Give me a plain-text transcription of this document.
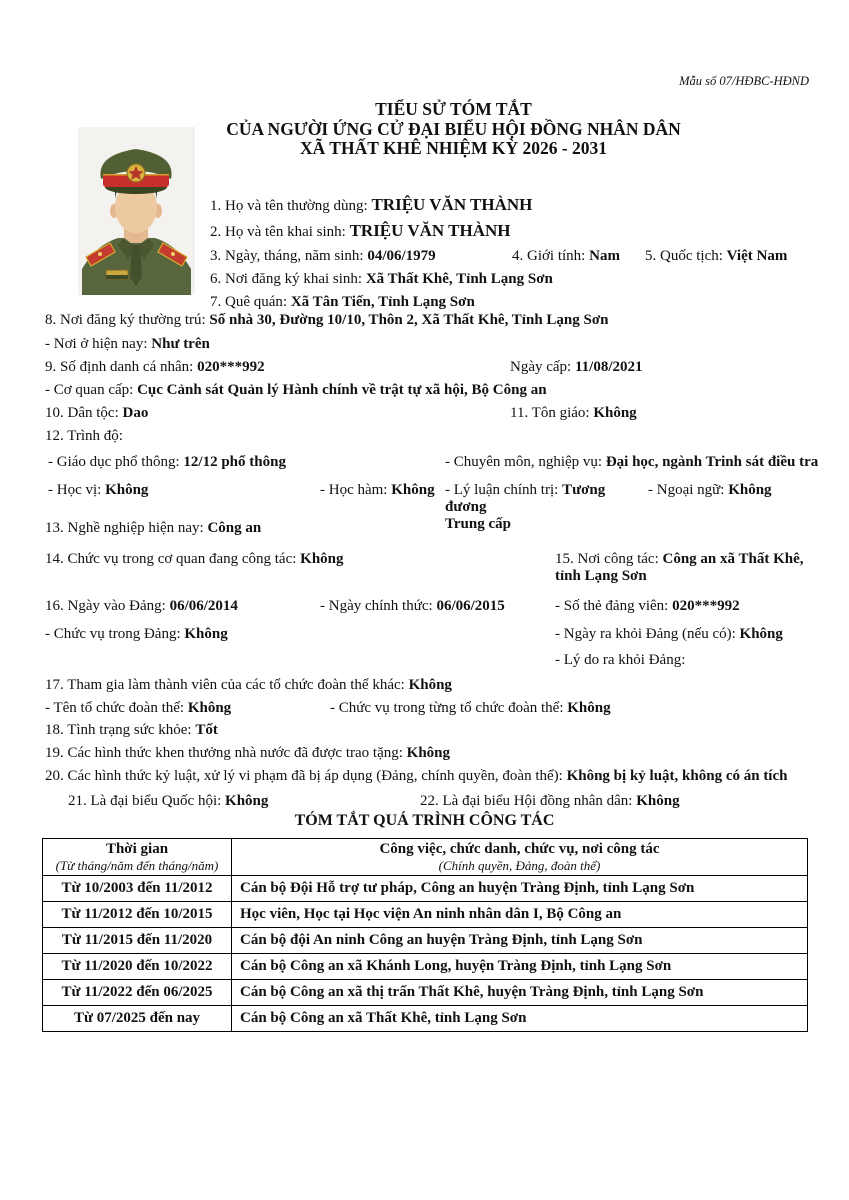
Mẫu số 07/HĐBC-HĐND
TIỂU SỬ TÓM TẮT
CỦA NGƯỜI ỨNG CỬ ĐẠI BIỂU HỘI ĐỒNG NHÂN DÂN
XÃ THẤT KHÊ NHIỆM KỲ 2026 - 2031
1. Họ và tên thường dùng: TRIỆU VĂN THÀNH
2. Họ và tên khai sinh: TRIỆU VĂN THÀNH
3. Ngày, tháng, năm sinh: 04/06/1979	4. Giới tính: Nam 5. Quốc tịch: Việt Nam
6. Nơi đăng ký khai sinh: Xã Thất Khê, Tỉnh Lạng Sơn
7. Quê quán: Xã Tân Tiến, Tỉnh Lạng Sơn
8. Nơi đăng ký thường trú: Số nhà 30, Đường 10/10, Thôn 2, Xã Thất Khê, Tỉnh Lạng Sơn
- Nơi ở hiện nay: Như trên
9. Số định danh cá nhân: 020***992	Ngày cấp: 11/08/2021
- Cơ quan cấp: Cục Cảnh sát Quản lý Hành chính về trật tự xã hội, Bộ Công an
10. Dân tộc: Dao	11. Tôn giáo: Không
12. Trình độ:
- Giáo dục phổ thông: 12/12 phổ thông	- Chuyên môn, nghiệp vụ: Đại học, ngành Trinh sát điều tra
- Học vị: Không	- Học hàm: Không - Lý luận chính trị: Tương đương
Trung cấp
- Ngoại ngữ: Không
13. Nghề nghiệp hiện nay: Công an
14. Chức vụ trong cơ quan đang công tác: Không	15. Nơi công tác: Công an xã Thất Khê, tỉnh Lạng Sơn
16. Ngày vào Đảng: 06/06/2014	- Ngày chính thức: 06/06/2015	- Số thẻ đảng viên: 020***992
- Chức vụ trong Đảng: Không	- Ngày ra khỏi Đảng (nếu có): Không
- Lý do ra khỏi Đảng:
17. Tham gia làm thành viên của các tổ chức đoàn thể khác: Không
- Tên tổ chức đoàn thể: Không	- Chức vụ trong từng tổ chức đoàn thể: Không
18. Tình trạng sức khỏe: Tốt
19. Các hình thức khen thưởng nhà nước đã được trao tặng: Không
20. Các hình thức kỷ luật, xử lý vi phạm đã bị áp dụng (Đảng, chính quyền, đoàn thể): Không bị kỷ luật, không có án tích
21. Là đại biểu Quốc hội: Không	22. Là đại biểu Hội đồng nhân dân: Không
TÓM TẮT QUÁ TRÌNH CÔNG TÁC
Thời gian
(Từ tháng/năm đến tháng/năm)

Công việc, chức danh, chức vụ, nơi công tác
(Chính quyền, Đảng, đoàn thể)

Từ 10/2003 đến 11/2012	Cán bộ Đội Hỗ trợ tư pháp, Công an huyện Tràng Định, tỉnh Lạng Sơn
Từ 11/2012 đến 10/2015	Học viên, Học tại Học viện An ninh nhân dân I, Bộ Công an
Từ 11/2015 đến 11/2020	Cán bộ đội An ninh Công an huyện Tràng Định, tỉnh Lạng Sơn
Từ 11/2020 đến 10/2022	Cán bộ Công an xã Khánh Long, huyện Tràng Định, tỉnh Lạng Sơn
Từ 11/2022 đến 06/2025	Cán bộ Công an xã thị trấn Thất Khê, huyện Tràng Định, tỉnh Lạng Sơn
Từ 07/2025 đến nay	Cán bộ Công an xã Thất Khê, tỉnh Lạng Sơn
